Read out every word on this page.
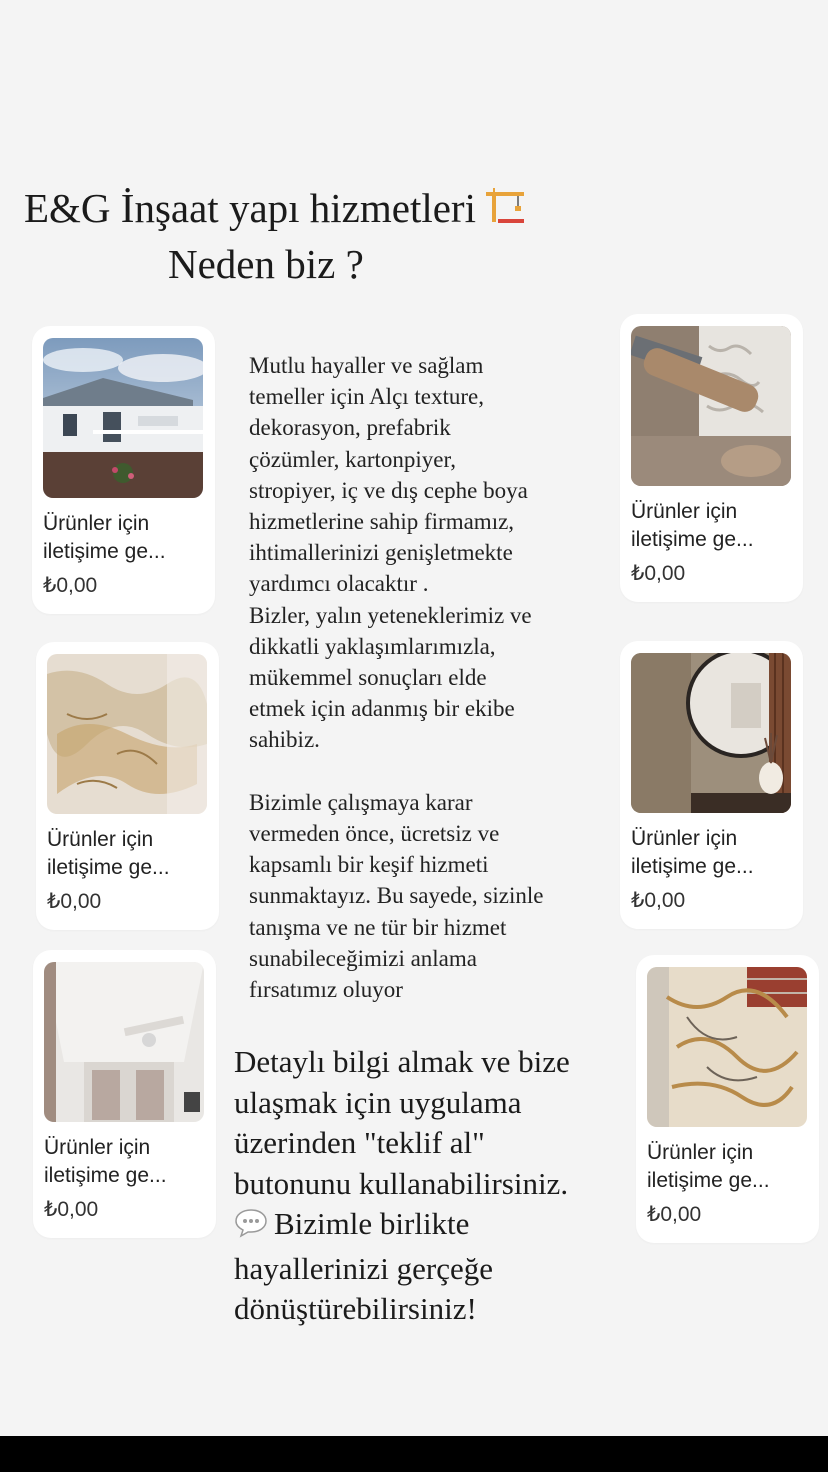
E&G İnşaat yapı hizmetleri
Neden biz ?
Ürünler için
iletişime ge...
₺0,00
Ürünler için
iletişime ge...
₺0,00
Ürünler için
iletişime ge...
₺0,00
Ürünler için
iletişime ge...
₺0,00
Ürünler için
iletişime ge...
₺0,00
Ürünler için
iletişime ge...
₺0,00
Mutlu hayaller ve sağlam
temeller için Alçı texture,
dekorasyon, prefabrik
çözümler, kartonpiyer,
stropiyer, iç ve dış cephe boya
hizmetlerine sahip firmamız,
ihtimallerinizi genişletmekte
yardımcı olacaktır .
Bizler, yalın yeteneklerimiz ve
dikkatli yaklaşımlarımızla,
mükemmel sonuçları elde
etmek için adanmış bir ekibe
sahibiz.

Bizimle çalışmaya karar
vermeden önce, ücretsiz ve
kapsamlı bir keşif hizmeti
sunmaktayız. Bu sayede, sizinle
tanışma ve ne tür bir hizmet
sunabileceğimizi anlama
fırsatımız oluyor
Detaylı bilgi almak ve bize
ulaşmak için uygulama
üzerinden "teklif al"
butonunu kullanabilirsiniz.
Bizimle birlikte
hayallerinizi gerçeğe
dönüştürebilirsiniz!
